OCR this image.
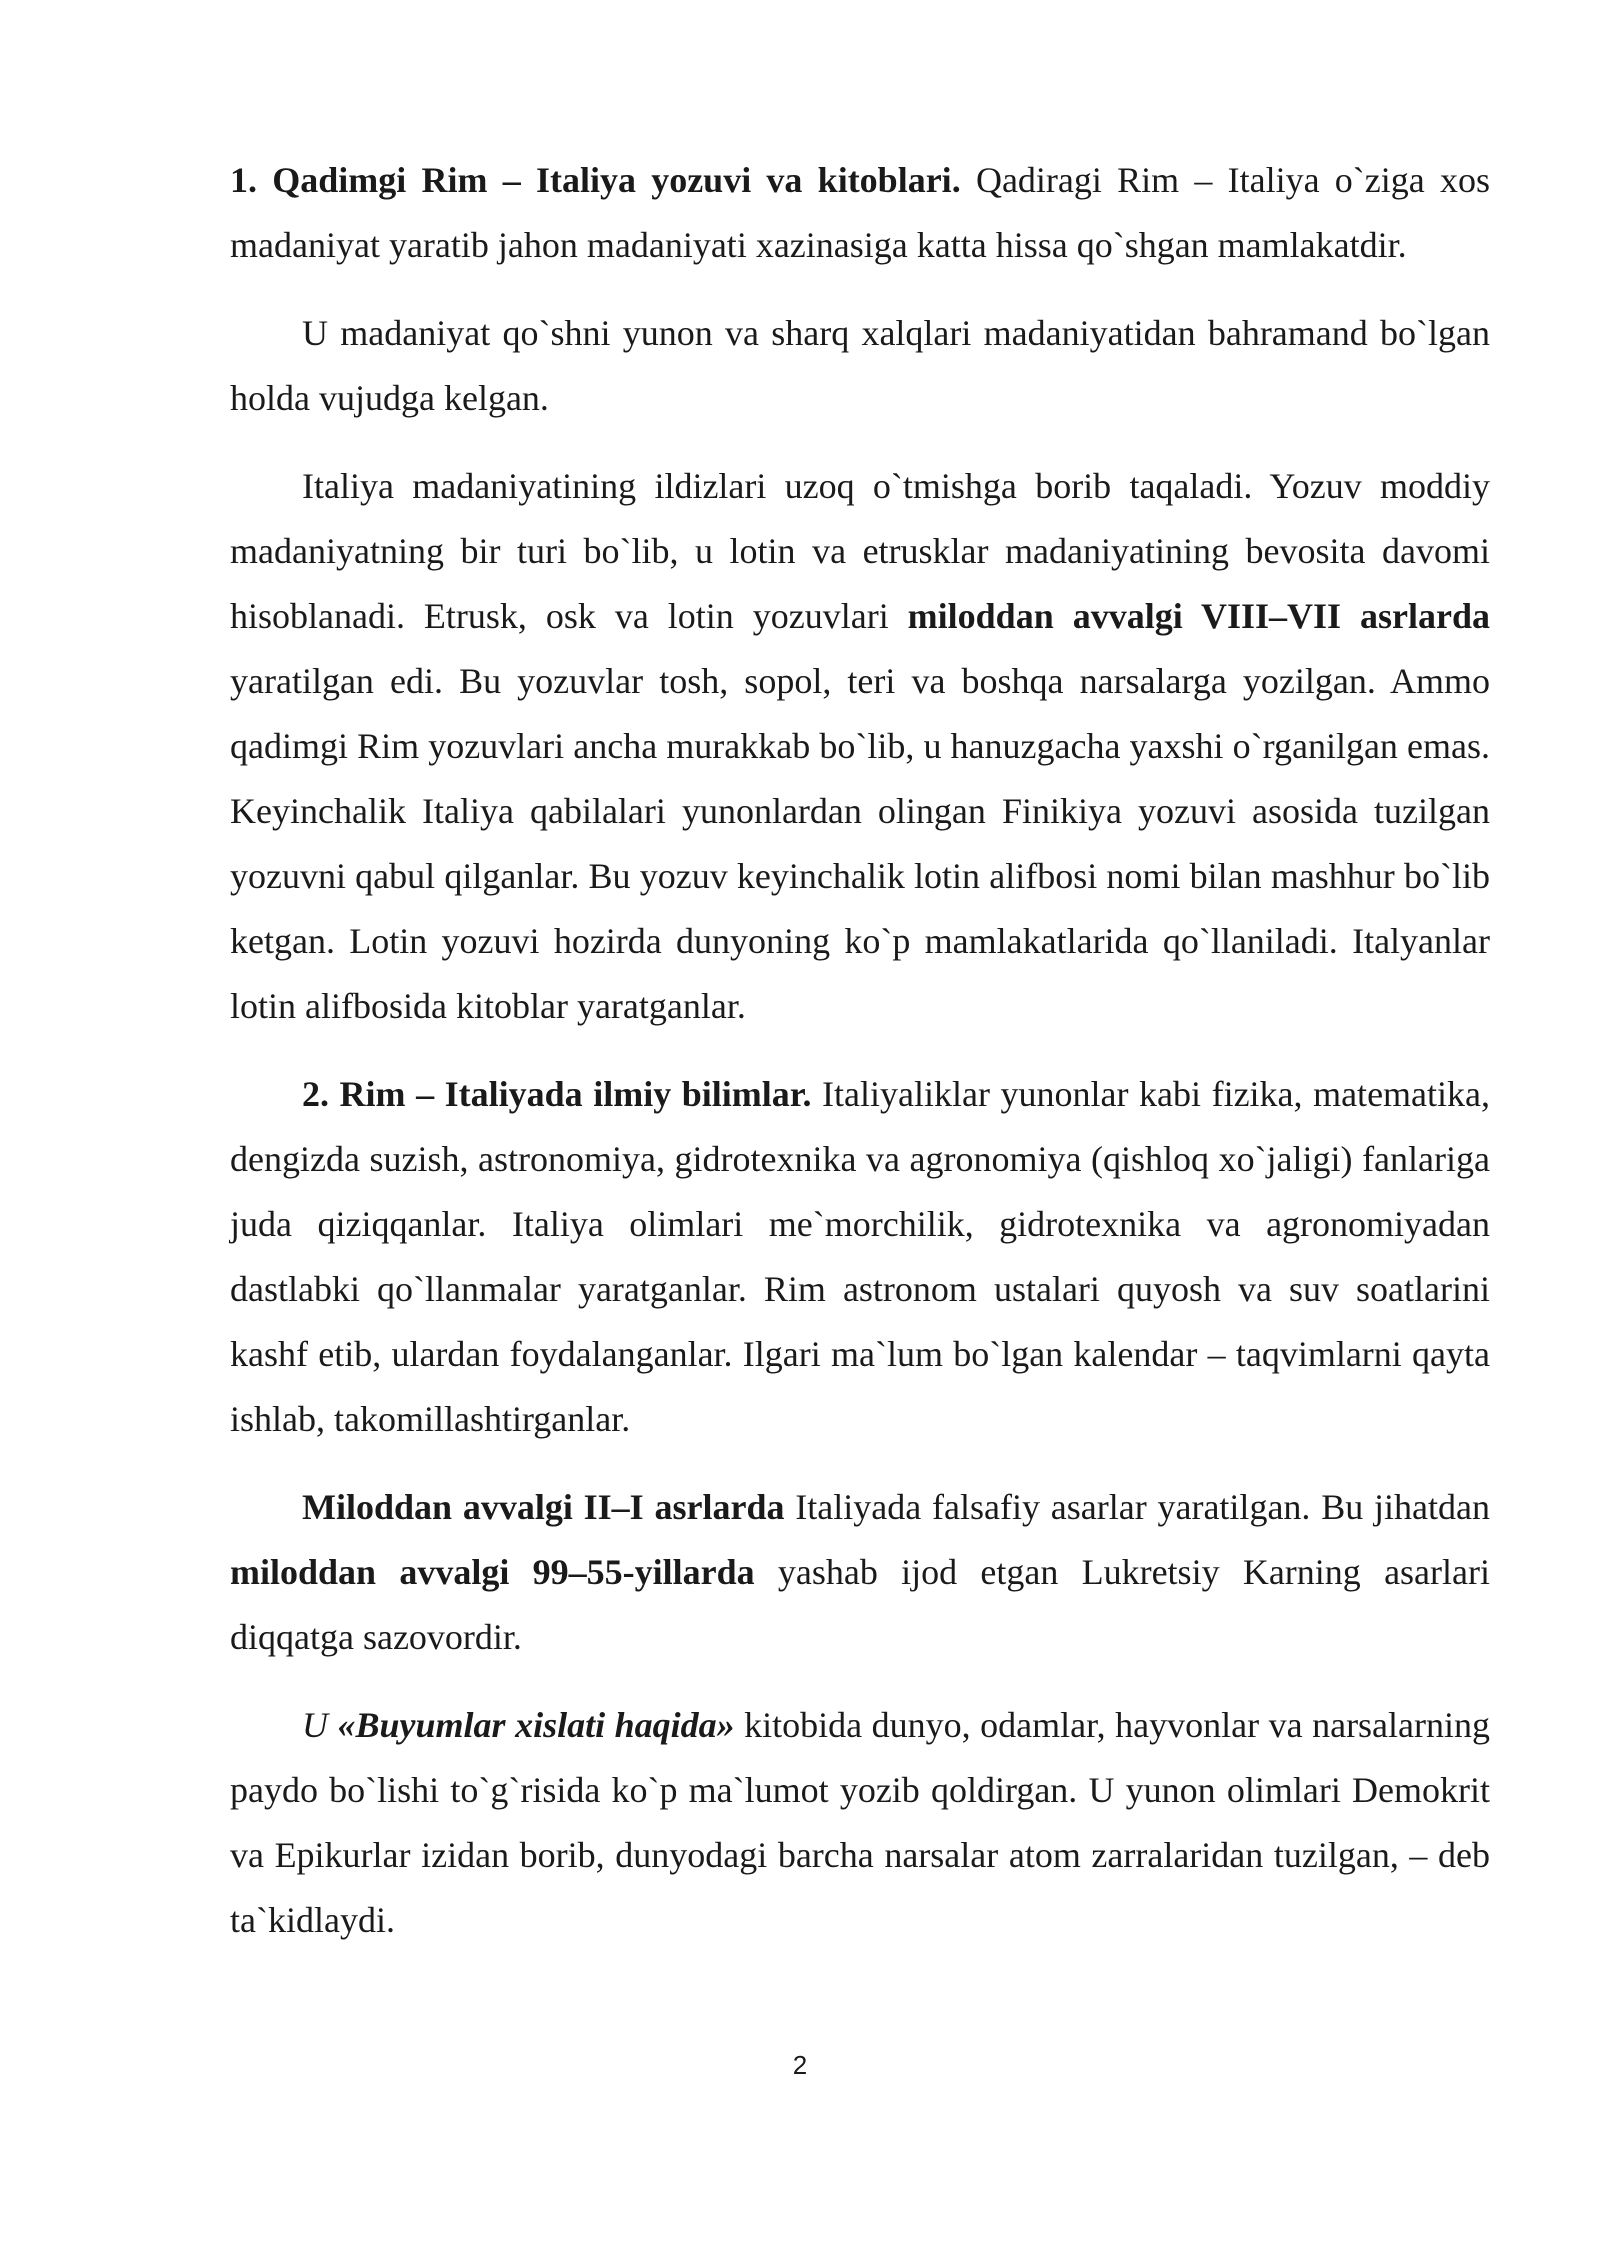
1. Qadimgi Rim – Italiya yozuvi va kitoblari. Qadiragi Rim – Italiya o`ziga xos madaniyat yaratib jahon madaniyati xazinasiga katta hissa qo`shgan mamlakatdir.

U madaniyat qo`shni yunon va sharq xalqlari madaniyatidan bahramand bo`lgan holda vujudga kelgan.

Italiya madaniyatining ildizlari uzoq o`tmishga borib taqaladi. Yozuv moddiy madaniyatning bir turi bo`lib, u lotin va etrusklar madaniyatining bevosita davomi hisoblanadi. Etrusk, osk va lotin yozuvlari miloddan avvalgi VIII–VII asrlarda yaratilgan edi. Bu yozuvlar tosh, sopol, teri va boshqa narsalarga yozilgan. Ammo qadimgi Rim yozuvlari ancha murakkab bo`lib, u hanuzgacha yaxshi o`rganilgan emas. Keyinchalik Italiya qabilalari yunonlardan olingan Finikiya yozuvi asosida tuzilgan yozuvni qabul qilganlar. Bu yozuv keyinchalik lotin alifbosi nomi bilan mashhur bo`lib ketgan. Lotin yozuvi hozirda dunyoning ko`p mamlakatlarida qo`llaniladi. Italyanlar lotin alifbosida kitoblar yaratganlar.

2. Rim – Italiyada ilmiy bilimlar. Italiyaliklar yunonlar kabi fizika, matematika, dengizda suzish, astronomiya, gidrotexnika va agronomiya (qishloq xo`jaligi) fanlariga juda qiziqqanlar. Italiya olimlari me`morchilik, gidrotexnika va agronomiyadan dastlabki qo`llanmalar yaratganlar. Rim astronom ustalari quyosh va suv soatlarini kashf etib, ulardan foydalanganlar. Ilgari ma`lum bo`lgan kalendar – taqvimlarni qayta ishlab, takomillashtirganlar.

Miloddan avvalgi II–I asrlarda Italiyada falsafiy asarlar yaratilgan. Bu jihatdan miloddan avvalgi 99–55-yillarda yashab ijod etgan Lukretsiy Karning asarlari diqqatga sazovordir.

U «Buyumlar xislati haqida» kitobida dunyo, odamlar, hayvonlar va narsalarning paydo bo`lishi to`g`risida ko`p ma`lumot yozib qoldirgan. U yunon olimlari Demokrit va Epikurlar izidan borib, dunyodagi barcha narsalar atom zarralaridan tuzilgan, – deb ta`kidlaydi.

2
